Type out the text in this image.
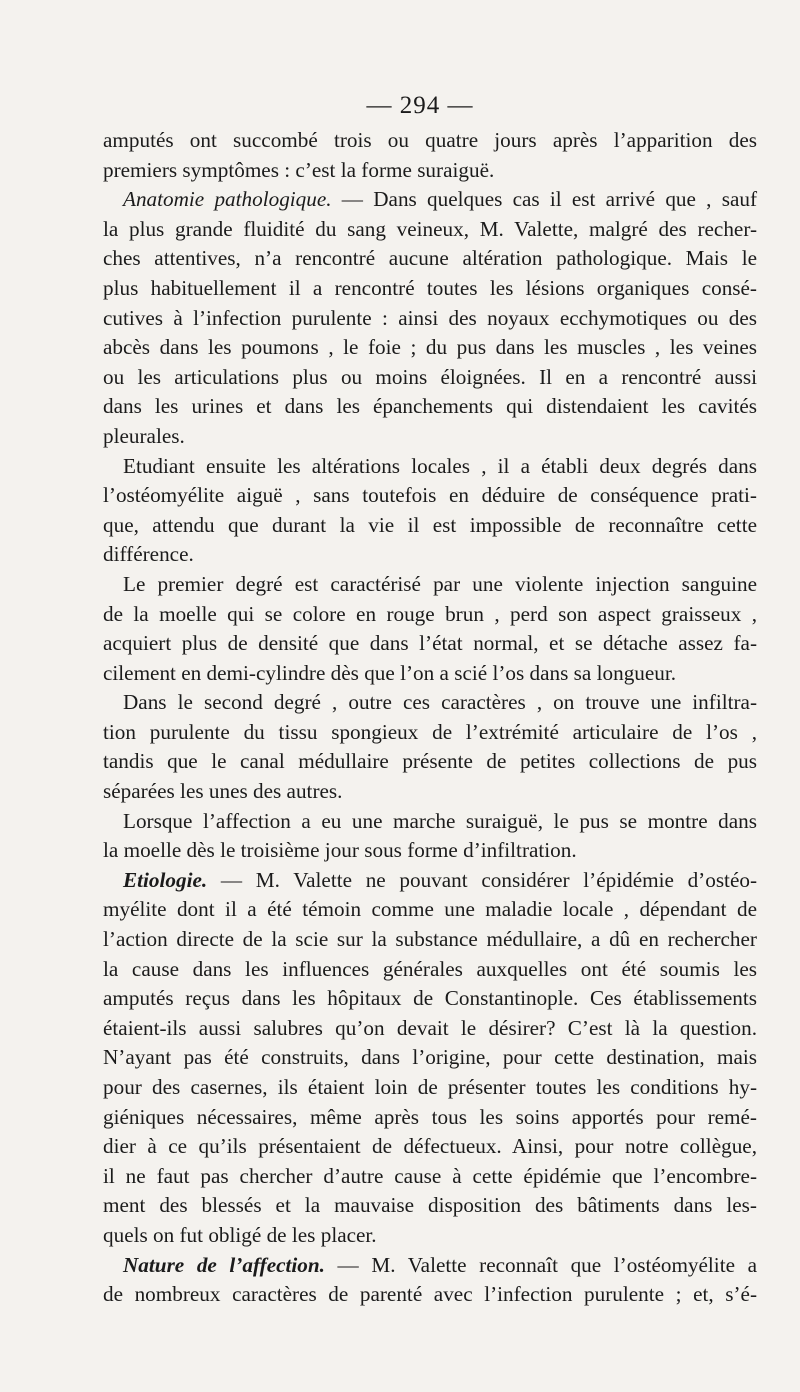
— 294 —
amputés ont succombé trois ou quatre jours après l’apparition des
premiers symptômes : c’est la forme suraiguë.
Anatomie pathologique. — Dans quelques cas il est arrivé que , sauf
la plus grande fluidité du sang veineux, M. Valette, malgré des recher-
ches attentives, n’a rencontré aucune altération pathologique. Mais le
plus habituellement il a rencontré toutes les lésions organiques consé-
cutives à l’infection purulente : ainsi des noyaux ecchymotiques ou des
abcès dans les poumons , le foie ; du pus dans les muscles , les veines
ou les articulations plus ou moins éloignées. Il en a rencontré aussi
dans les urines et dans les épanchements qui distendaient les cavités
pleurales.
Etudiant ensuite les altérations locales , il a établi deux degrés dans
l’ostéomyélite aiguë , sans toutefois en déduire de conséquence prati-
que, attendu que durant la vie il est impossible de reconnaître cette
différence.
Le premier degré est caractérisé par une violente injection sanguine
de la moelle qui se colore en rouge brun , perd son aspect graisseux ,
acquiert plus de densité que dans l’état normal, et se détache assez fa-
cilement en demi-cylindre dès que l’on a scié l’os dans sa longueur.
Dans le second degré , outre ces caractères , on trouve une infiltra-
tion purulente du tissu spongieux de l’extrémité articulaire de l’os ,
tandis que le canal médullaire présente de petites collections de pus
séparées les unes des autres.
Lorsque l’affection a eu une marche suraiguë, le pus se montre dans
la moelle dès le troisième jour sous forme d’infiltration.
Etiologie. — M. Valette ne pouvant considérer l’épidémie d’ostéo-
myélite dont il a été témoin comme une maladie locale , dépendant de
l’action directe de la scie sur la substance médullaire, a dû en rechercher
la cause dans les influences générales auxquelles ont été soumis les
amputés reçus dans les hôpitaux de Constantinople. Ces établissements
étaient-ils aussi salubres qu’on devait le désirer? C’est là la question.
N’ayant pas été construits, dans l’origine, pour cette destination, mais
pour des casernes, ils étaient loin de présenter toutes les conditions hy-
giéniques nécessaires, même après tous les soins apportés pour remé-
dier à ce qu’ils présentaient de défectueux. Ainsi, pour notre collègue,
il ne faut pas chercher d’autre cause à cette épidémie que l’encombre-
ment des blessés et la mauvaise disposition des bâtiments dans les-
quels on fut obligé de les placer.
Nature de l’affection. — M. Valette reconnaît que l’ostéomyélite a
de nombreux caractères de parenté avec l’infection purulente ; et, s’é-
